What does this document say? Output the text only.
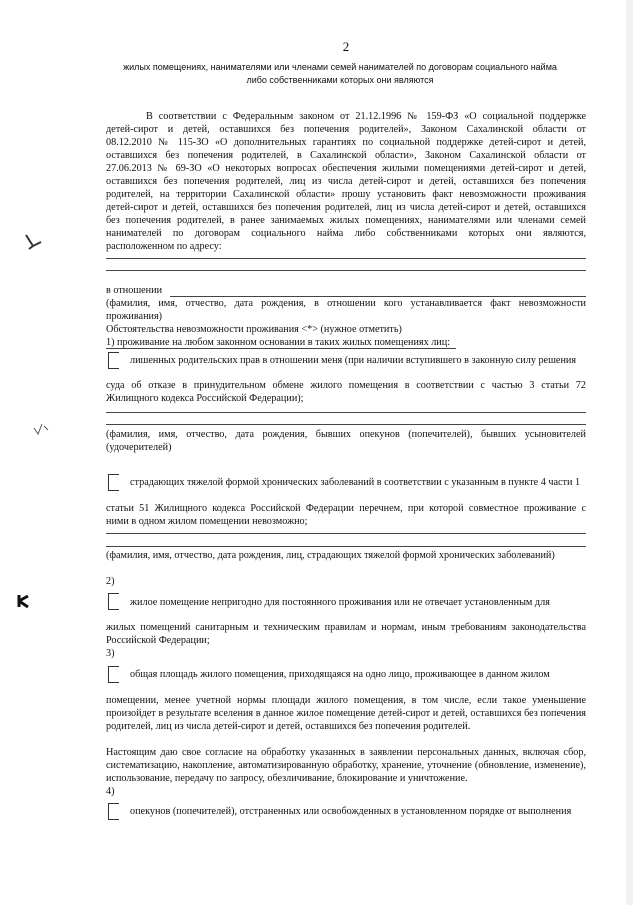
2
жилых помещениях, нанимателями или членами семей нанимателей по договорам социального найма
либо собственниками которых они являются
В соответствии с Федеральным законом от 21.12.1996 № 159-ФЗ «О социальной поддержке
детей-сирот и детей, оставшихся без попечения родителей», Законом Сахалинской области от
08.12.2010 № 115-ЗО «О дополнительных гарантиях по социальной поддержке детей-сирот и детей,
оставшихся без попечения родителей, в Сахалинской области», Законом Сахалинской области от
27.06.2013 № 69-ЗО «О некоторых вопросах обеспечения жилыми помещениями детей-сирот и детей,
оставшихся без попечения родителей, лиц из числа детей-сирот и детей, оставшихся без попечения
родителей, на территории Сахалинской области» прошу установить факт невозможности проживания
детей-сирот и детей, оставшихся без попечения родителей, лиц из числа детей-сирот и детей, оставшихся
без попечения родителей, в ранее занимаемых жилых помещениях, нанимателями или членами семей
нанимателей по договорам социального найма либо собственниками которых они являются,
расположенном по адресу:
в отношении
(фамилия, имя, отчество, дата рождения, в отношении кого устанавливается факт невозможности
проживания)
Обстоятельства невозможности проживания <*> (нужное отметить)
1) проживание на любом законном основании в таких жилых помещениях лиц:
лишенных родительских прав в отношении меня (при наличии вступившего в законную силу решения
суда об отказе в принудительном обмене жилого помещения в соответствии с частью 3 статьи 72
Жилищного кодекса Российской Федерации);
(фамилия, имя, отчество, дата рождения, бывших опекунов (попечителей), бывших усыновителей
(удочерителей)
страдающих тяжелой формой хронических заболеваний в соответствии с указанным в пункте 4 части 1
статьи 51 Жилищного кодекса Российской Федерации перечнем, при которой совместное проживание с
ними в одном жилом помещении невозможно;
(фамилия, имя, отчество, дата рождения, лиц, страдающих тяжелой формой хронических заболеваний)
2)
жилое помещение непригодно для постоянного проживания или не отвечает установленным для
жилых помещений санитарным и техническим правилам и нормам, иным требованиям законодательства
Российской Федерации;
3)
общая площадь жилого помещения, приходящаяся на одно лицо, проживающее в данном жилом
помещении, менее учетной нормы площади жилого помещения, в том числе, если такое уменьшение
произойдет в результате вселения в данное жилое помещение детей-сирот и детей, оставшихся без попечения
родителей, лиц из числа детей-сирот и детей, оставшихся без попечения родителей.
Настоящим даю свое согласие на обработку указанных в заявлении персональных данных, включая сбор,
систематизацию, накопление, автоматизированную обработку, хранение, уточнение (обновление, изменение),
использование, передачу по запросу, обезличивание, блокирование и уничтожение.
4)
опекунов (попечителей), отстраненных или освобожденных в установленном порядке от выполнения
